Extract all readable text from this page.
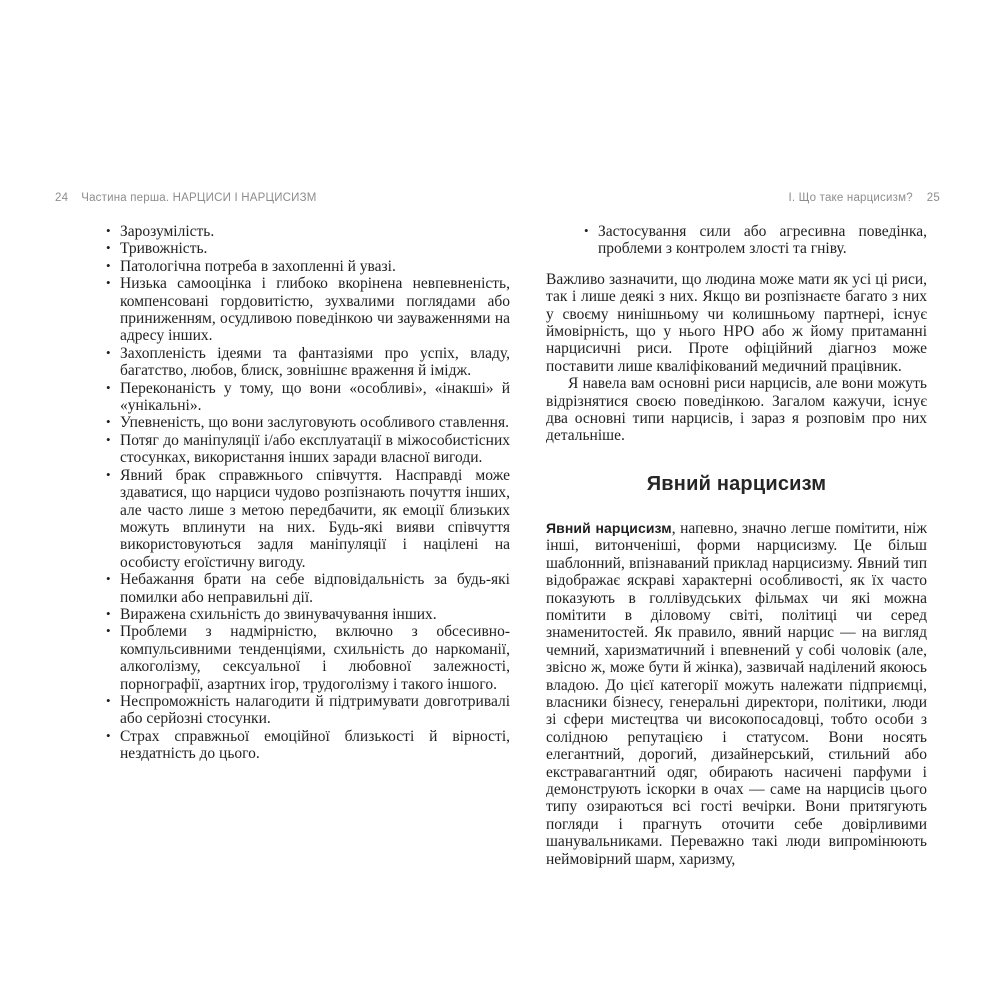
24 Частина перша. НАРЦИСИ І НАРЦИСИЗМ	І. Що таке нарцисизм? 25
• Зарозумілість.
• Тривожність.
• Патологічна потреба в захопленні й увазі.
• Низька самооцінка і глибоко вкорінена невпевненість, компенсовані гордовитістю, зухвалими поглядами або приниженням, осудливою поведінкою чи зауваженнями на адресу інших.
• Захопленість ідеями та фантазіями про успіх, владу, багатство, любов, блиск, зовнішнє враження й імідж.
• Переконаність у тому, що вони «особливі», «інакші» й «унікальні».
• Упевненість, що вони заслуговують особливого ставлення.
• Потяг до маніпуляції і/або експлуатації в міжособистісних стосунках, використання інших заради власної вигоди.
• Явний брак справжнього співчуття. Насправді може здаватися, що нарциси чудово розпізнають почуття інших, але часто лише з метою передбачити, як емоції близьких можуть вплинути на них. Будь-які вияви співчуття використовуються задля маніпуляції і націлені на особисту егоїстичну вигоду.
• Небажання брати на себе відповідальність за будь-які помилки або неправильні дії.
• Виражена схильність до звинувачування інших.
• Проблеми з надмірністю, включно з обсесивно-компульсивними тенденціями, схильність до наркоманії, алкоголізму, сексуальної і любовної залежності, порнографії, азартних ігор, трудоголізму і такого іншого.
• Неспроможність налагодити й підтримувати довготривалі або серйозні стосунки.
• Страх справжньої емоційної близькості й вірності, нездатність до цього.
• Застосування сили або агресивна поведінка, проблеми з контролем злості та гніву.

Важливо зазначити, що людина може мати як усі ці риси, так і лише деякі з них. Якщо ви розпізнаєте багато з них у своєму нинішньому чи колишньому партнері, існує ймовірність, що у нього НРО або ж йому притаманні нарцисичні риси. Проте офіційний діагноз може поставити лише кваліфікований медичний працівник.

Я навела вам основні риси нарцисів, але вони можуть відрізнятися своєю поведінкою. Загалом кажучи, існує два основні типи нарцисів, і зараз я розповім про них детальніше.

Явний нарцисизм

Явний нарцисизм, напевно, значно легше помітити, ніж інші, витонченіші, форми нарцисизму. Це більш шаблонний, впізнаваний приклад нарцисизму. Явний тип відображає яскраві характерні особливості, як їх часто показують в голлівудських фільмах чи які можна помітити в діловому світі, політиці чи серед знаменитостей. Як правило, явний нарцис — на вигляд чемний, харизматичний і впевнений у собі чоловік (але, звісно ж, може бути й жінка), зазвичай наділений якоюсь владою. До цієї категорії можуть належати підприємці, власники бізнесу, генеральні директори, політики, люди зі сфери мистецтва чи високопосадовці, тобто особи з солідною репутацією і статусом. Вони носять елегантний, дорогий, дизайнерський, стильний або екстравагантний одяг, обирають насичені парфуми і демонструють іскорки в очах — саме на нарцисів цього типу озираються всі гості вечірки. Вони притягують погляди і прагнуть оточити себе довірливими шанувальниками. Переважно такі люди випромінюють неймовірний шарм, харизму,
